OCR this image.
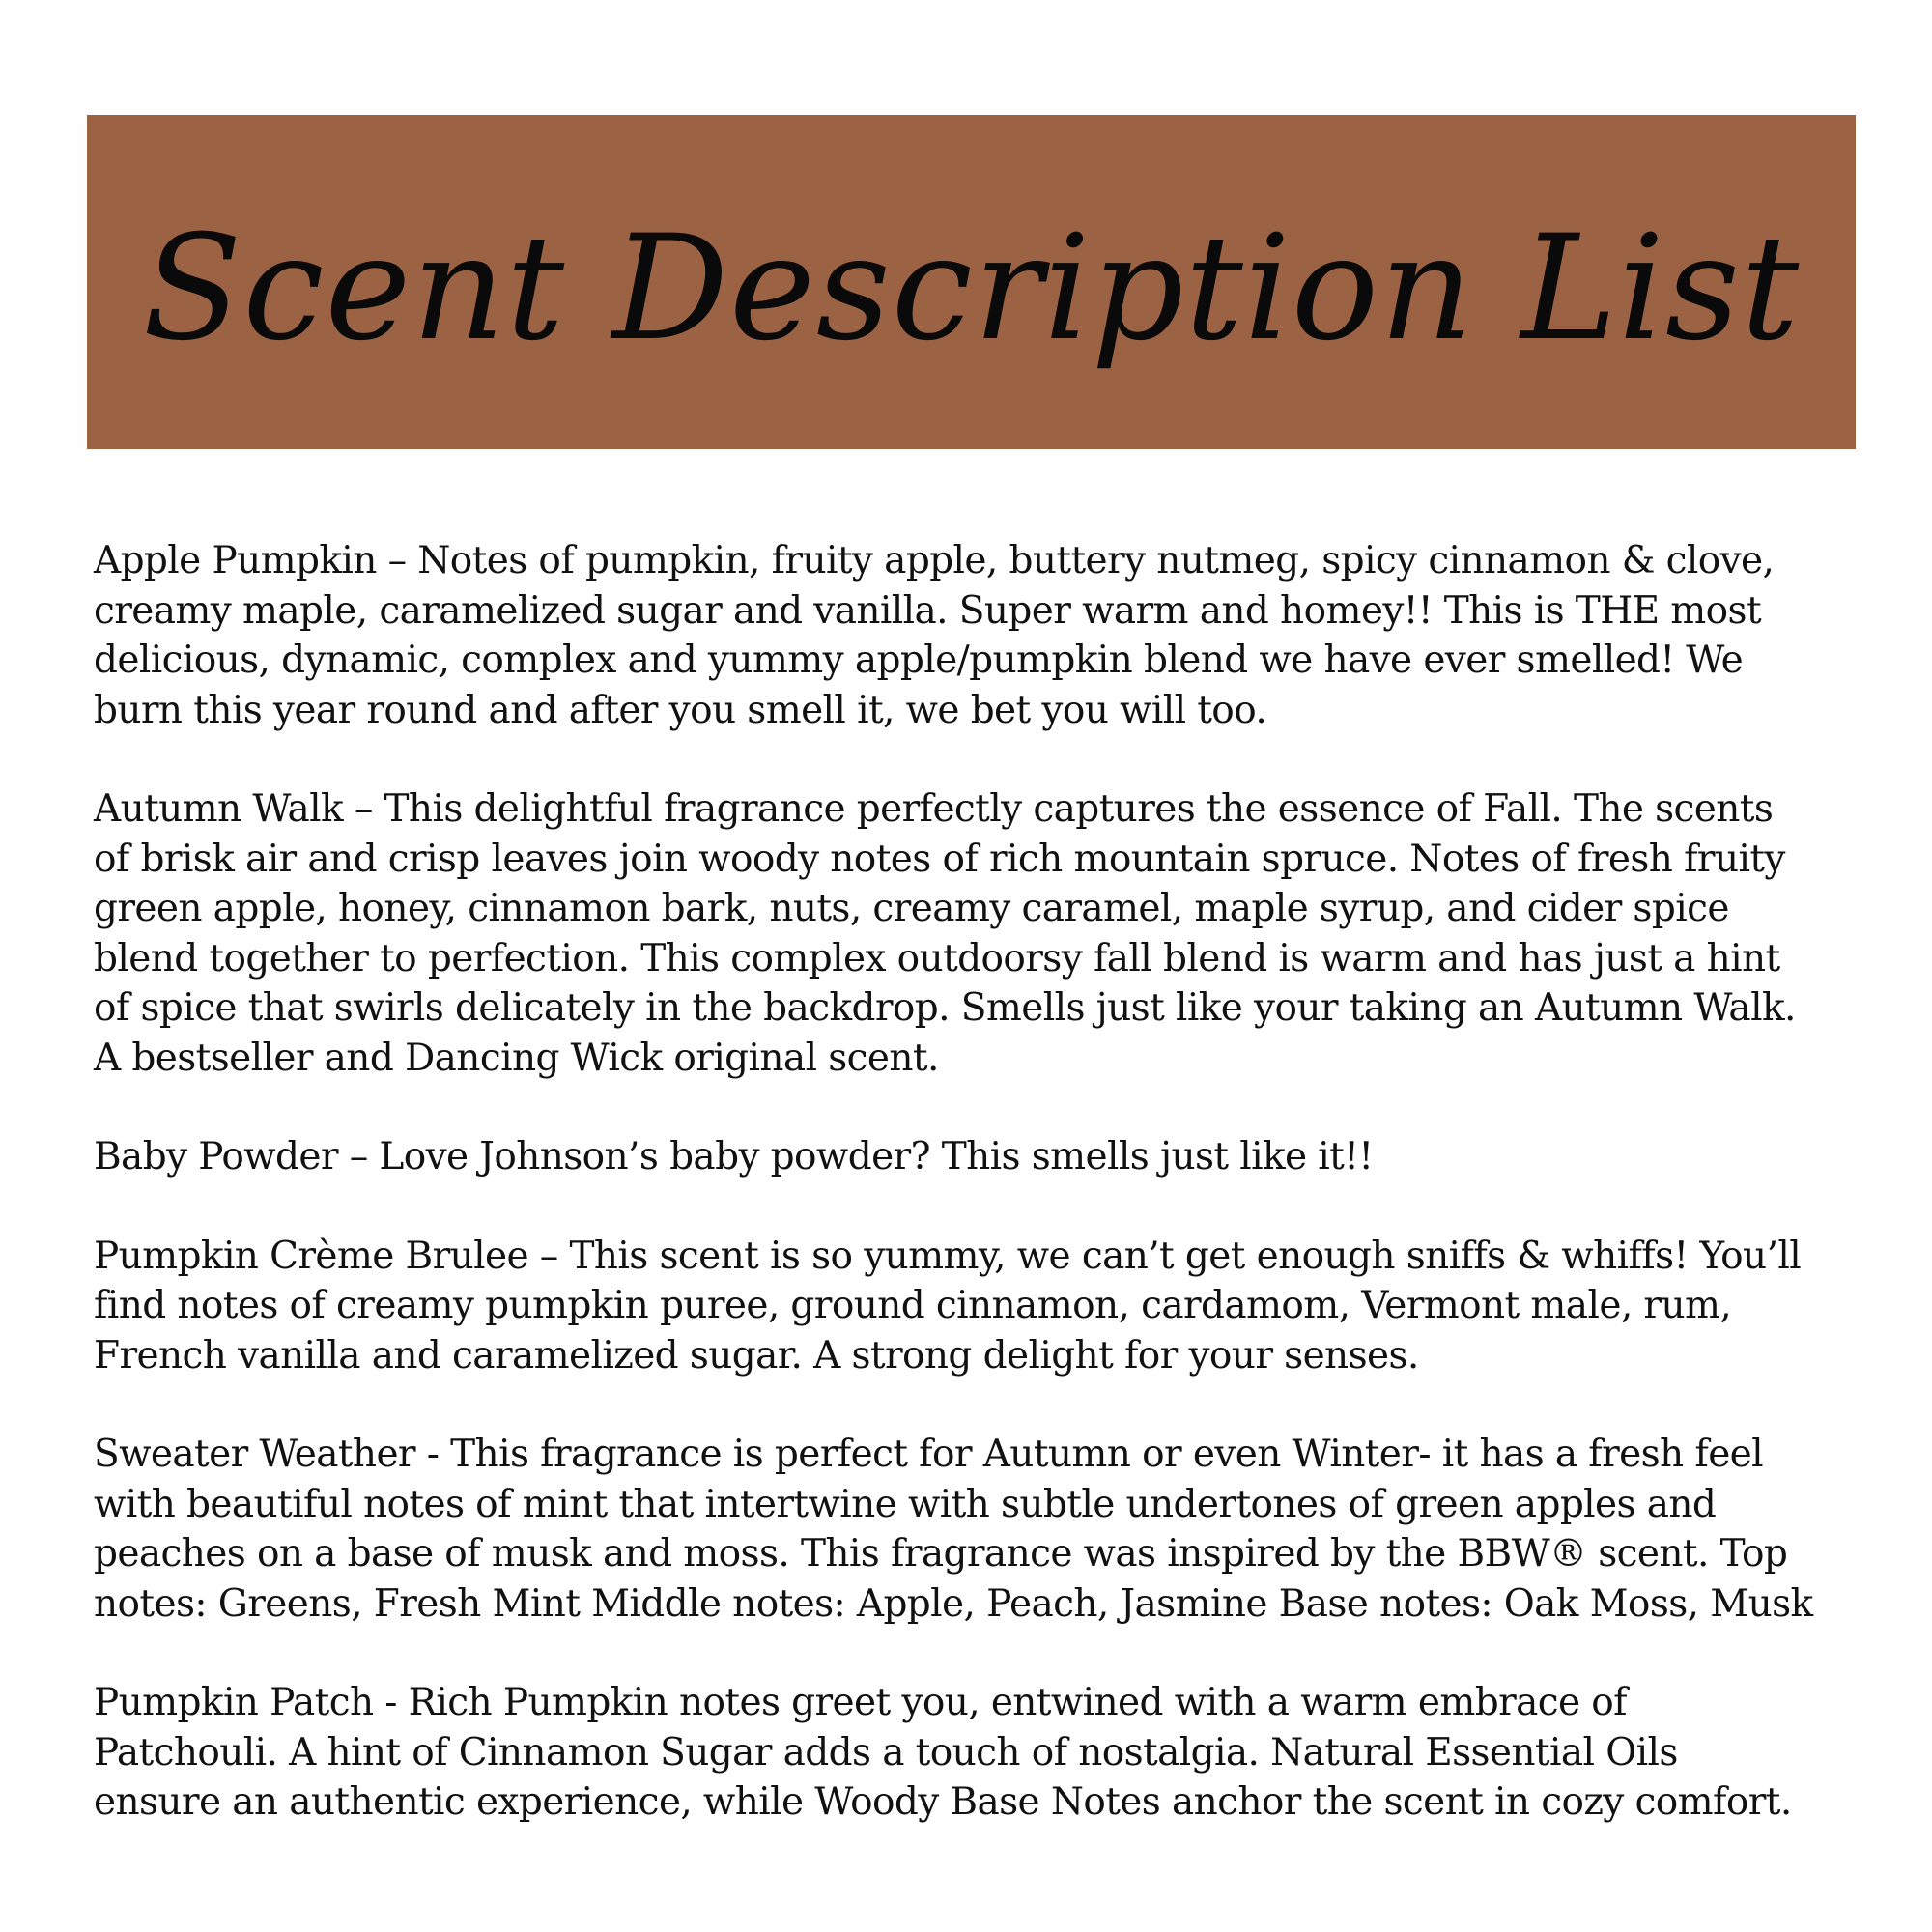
Scent Description List
Apple Pumpkin – Notes of pumpkin, fruity apple, buttery nutmeg, spicy cinnamon & clove,
creamy maple, caramelized sugar and vanilla. Super warm and homey!! This is THE most
delicious, dynamic, complex and yummy apple/pumpkin blend we have ever smelled! We
burn this year round and after you smell it, we bet you will too.
Autumn Walk – This delightful fragrance perfectly captures the essence of Fall. The scents
of brisk air and crisp leaves join woody notes of rich mountain spruce. Notes of fresh fruity
green apple, honey, cinnamon bark, nuts, creamy caramel, maple syrup, and cider spice
blend together to perfection. This complex outdoorsy fall blend is warm and has just a hint
of spice that swirls delicately in the backdrop. Smells just like your taking an Autumn Walk.
A bestseller and Dancing Wick original scent.
Baby Powder – Love Johnson’s baby powder? This smells just like it!!
Pumpkin Crème Brulee – This scent is so yummy, we can’t get enough sniffs & whiffs! You’ll
find notes of creamy pumpkin puree, ground cinnamon, cardamom, Vermont male, rum,
French vanilla and caramelized sugar. A strong delight for your senses.
Sweater Weather - This fragrance is perfect for Autumn or even Winter- it has a fresh feel
with beautiful notes of mint that intertwine with subtle undertones of green apples and
peaches on a base of musk and moss. This fragrance was inspired by the BBW® scent. Top
notes: Greens, Fresh Mint Middle notes: Apple, Peach, Jasmine Base notes: Oak Moss, Musk
Pumpkin Patch - Rich Pumpkin notes greet you, entwined with a warm embrace of
Patchouli. A hint of Cinnamon Sugar adds a touch of nostalgia. Natural Essential Oils
ensure an authentic experience, while Woody Base Notes anchor the scent in cozy comfort.
